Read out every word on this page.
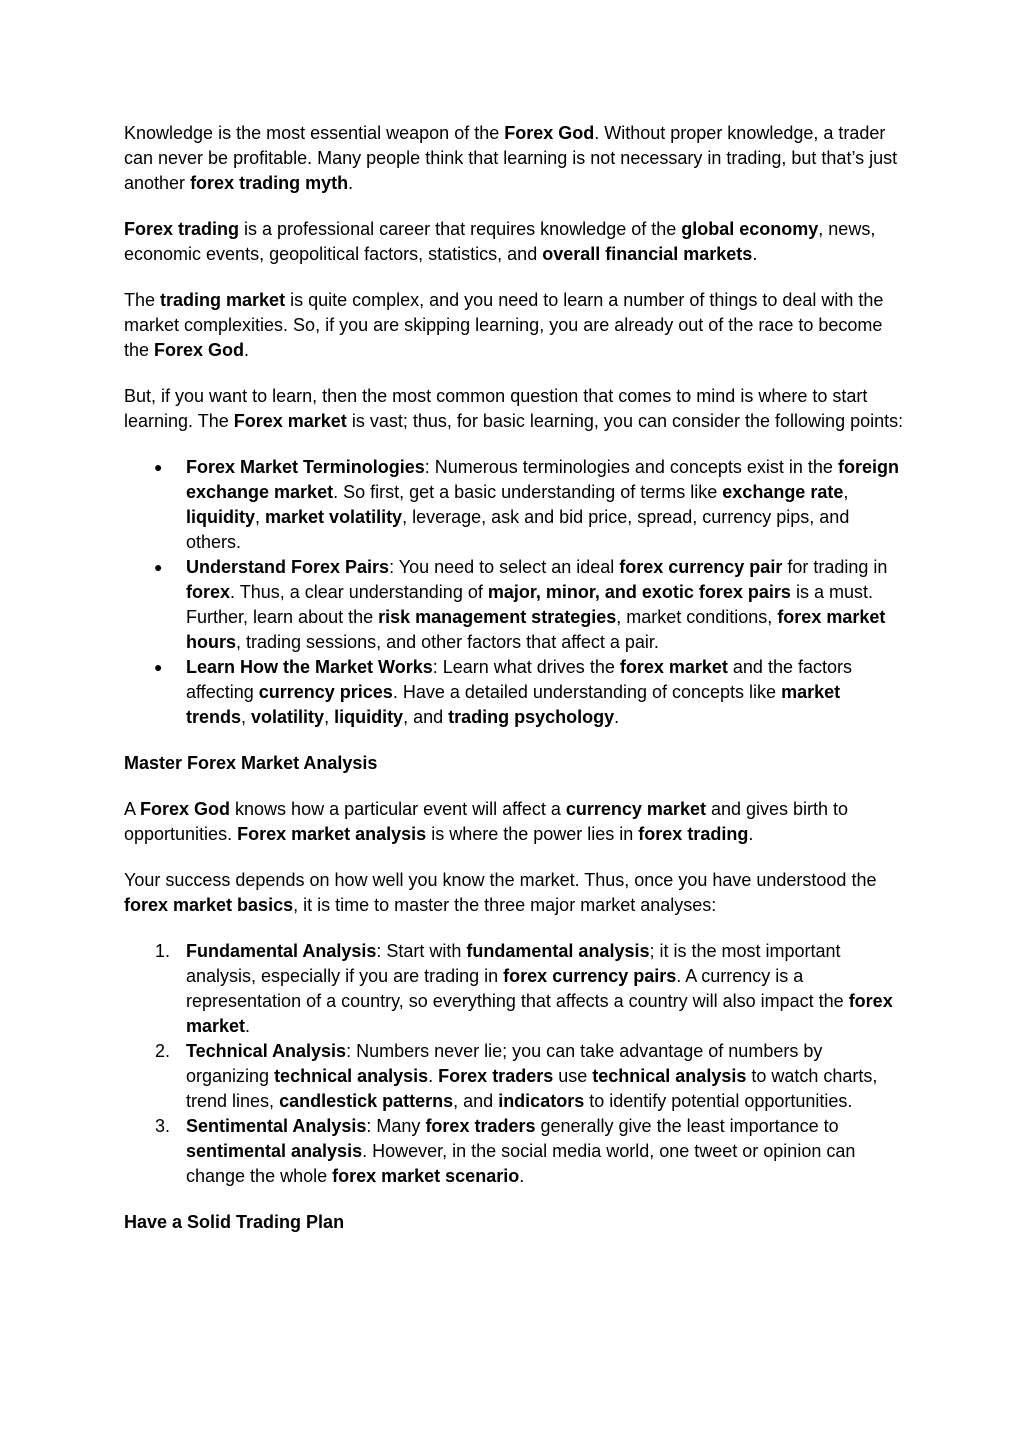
Knowledge is the most essential weapon of the Forex God. Without proper knowledge, a trader can never be profitable. Many people think that learning is not necessary in trading, but that’s just another forex trading myth.

Forex trading is a professional career that requires knowledge of the global economy, news, economic events, geopolitical factors, statistics, and overall financial markets.

The trading market is quite complex, and you need to learn a number of things to deal with the market complexities. So, if you are skipping learning, you are already out of the race to become the Forex God.

But, if you want to learn, then the most common question that comes to mind is where to start learning. The Forex market is vast; thus, for basic learning, you can consider the following points:

● Forex Market Terminologies: Numerous terminologies and concepts exist in the foreign exchange market. So first, get a basic understanding of terms like exchange rate, liquidity, market volatility, leverage, ask and bid price, spread, currency pips, and others.
● Understand Forex Pairs: You need to select an ideal forex currency pair for trading in forex. Thus, a clear understanding of major, minor, and exotic forex pairs is a must. Further, learn about the risk management strategies, market conditions, forex market hours, trading sessions, and other factors that affect a pair.
● Learn How the Market Works: Learn what drives the forex market and the factors affecting currency prices. Have a detailed understanding of concepts like market trends, volatility, liquidity, and trading psychology.
Master Forex Market Analysis

A Forex God knows how a particular event will affect a currency market and gives birth to opportunities. Forex market analysis is where the power lies in forex trading.

Your success depends on how well you know the market. Thus, once you have understood the forex market basics, it is time to master the three major market analyses:

1. Fundamental Analysis: Start with fundamental analysis; it is the most important analysis, especially if you are trading in forex currency pairs. A currency is a representation of a country, so everything that affects a country will also impact the forex market.
2. Technical Analysis: Numbers never lie; you can take advantage of numbers by organizing technical analysis. Forex traders use technical analysis to watch charts, trend lines, candlestick patterns, and indicators to identify potential opportunities.
3. Sentimental Analysis: Many forex traders generally give the least importance to sentimental analysis. However, in the social media world, one tweet or opinion can change the whole forex market scenario.
Have a Solid Trading Plan
